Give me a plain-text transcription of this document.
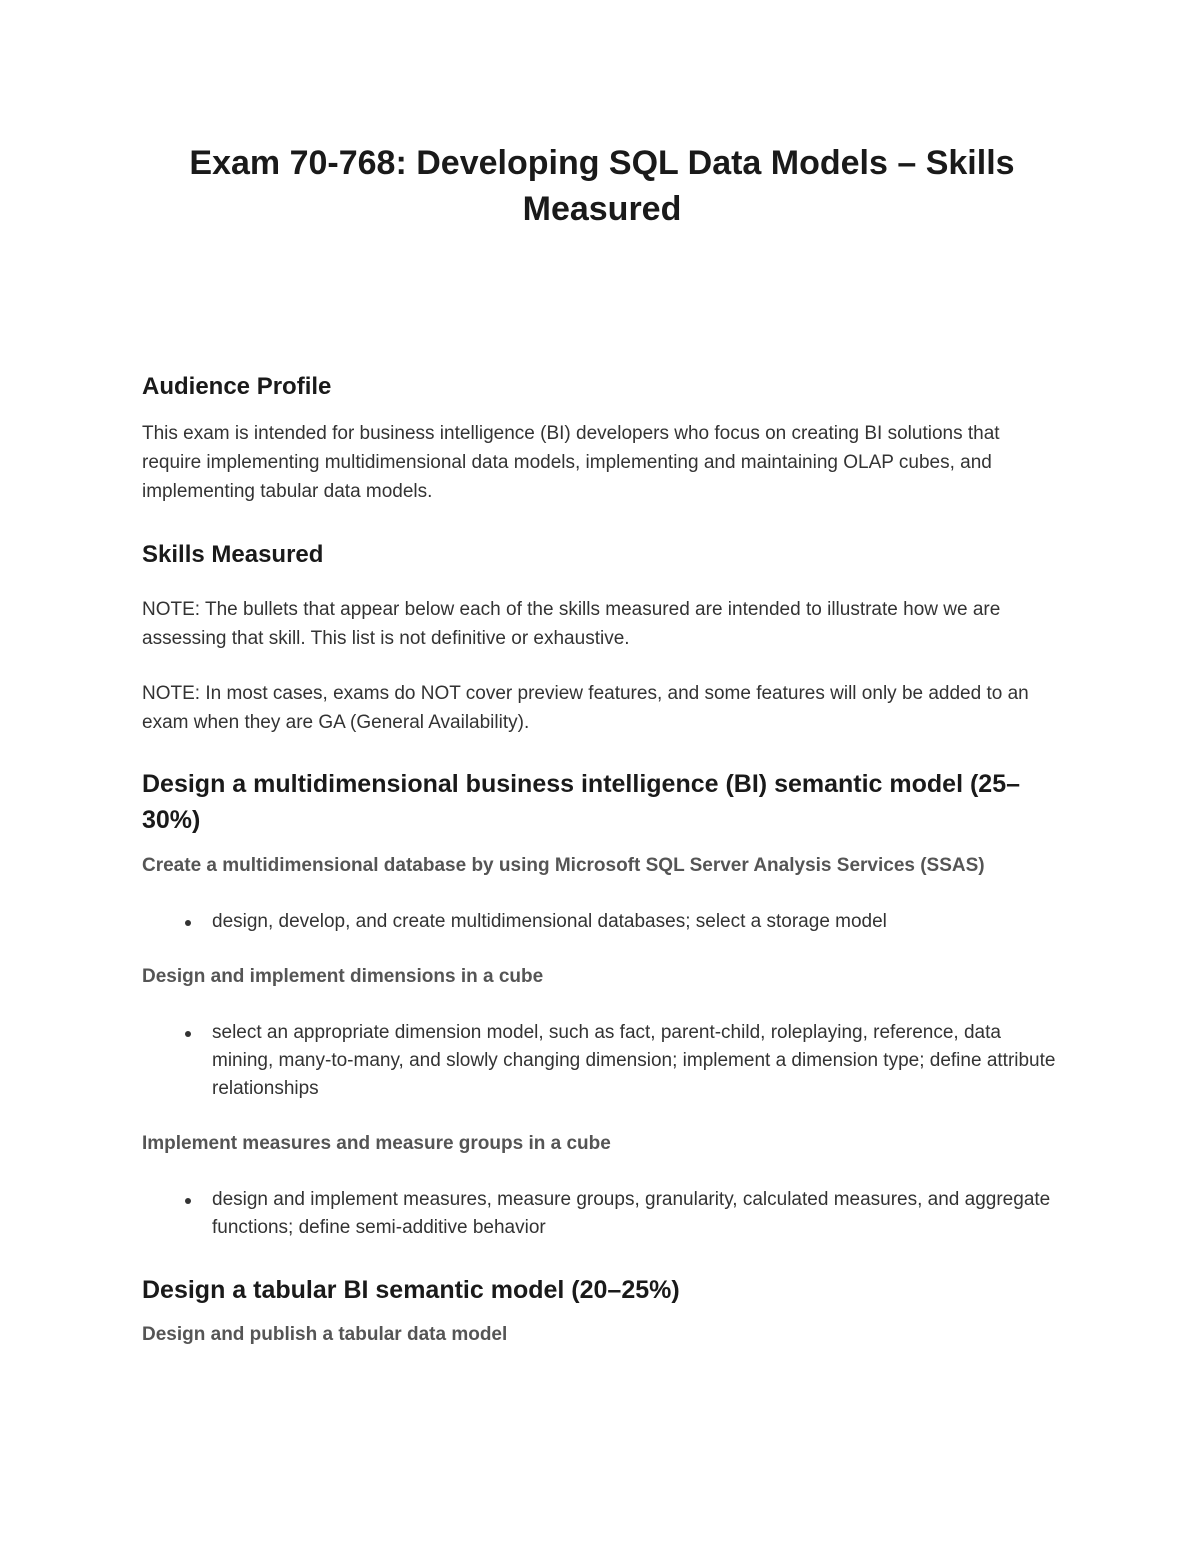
Exam 70-768: Developing SQL Data Models – Skills Measured
Audience Profile

This exam is intended for business intelligence (BI) developers who focus on creating BI solutions that require implementing multidimensional data models, implementing and maintaining OLAP cubes, and implementing tabular data models.

Skills Measured

NOTE: The bullets that appear below each of the skills measured are intended to illustrate how we are assessing that skill. This list is not definitive or exhaustive.

NOTE: In most cases, exams do NOT cover preview features, and some features will only be added to an exam when they are GA (General Availability).

Design a multidimensional business intelligence (BI) semantic model (25–30%)
Create a multidimensional database by using Microsoft SQL Server Analysis Services (SSAS)
design, develop, and create multidimensional databases; select a storage model
Design and implement dimensions in a cube
select an appropriate dimension model, such as fact, parent-child, roleplaying, reference, data mining, many-to-many, and slowly changing dimension; implement a dimension type; define attribute relationships
Implement measures and measure groups in a cube
design and implement measures, measure groups, granularity, calculated measures, and aggregate functions; define semi-additive behavior
Design a tabular BI semantic model (20–25%)
Design and publish a tabular data model
